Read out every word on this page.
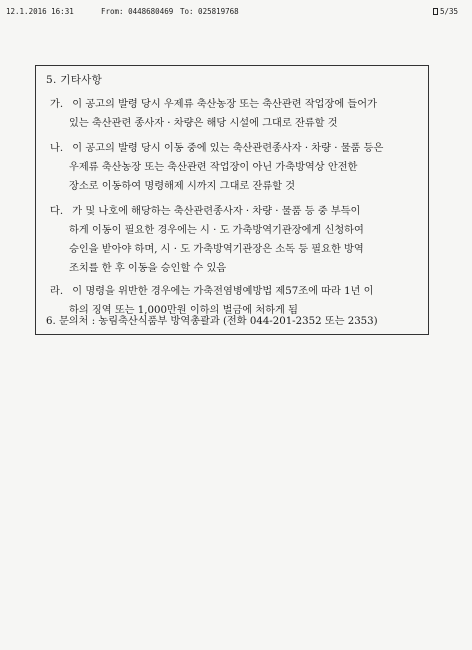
12.1.2016 16:31	From: 0448680469 To: 025819768	5/35
5. 기타사항
가. 이 공고의 발령 당시 우제류 축산농장 또는 축산관련 작업장에 들어가
있는 축산관련 종사자 · 차량은 해당 시설에 그대로 잔류할 것
나. 이 공고의 발령 당시 이동 중에 있는 축산관련종사자 · 차량 · 물품 등은
우제류 축산농장 또는 축산관련 작업장이 아닌 가축방역상 안전한
장소로 이동하여 명령해제 시까지 그대로 잔류할 것
다. 가 및 나호에 해당하는 축산관련종사자 · 차량 · 물품 등 중 부득이
하게 이동이 필요한 경우에는 시 · 도 가축방역기관장에게 신청하여
승인을 받아야 하며, 시 · 도 가축방역기관장은 소독 등 필요한 방역
조치를 한 후 이동을 승인할 수 있음
라. 이 명령을 위반한 경우에는 가축전염병예방법 제57조에 따라 1년 이
하의 징역 또는 1,000만원 이하의 벌금에 처하게 됨
6. 문의처 : 농림축산식품부 방역총괄과 (전화 044-201-2352 또는 2353)
